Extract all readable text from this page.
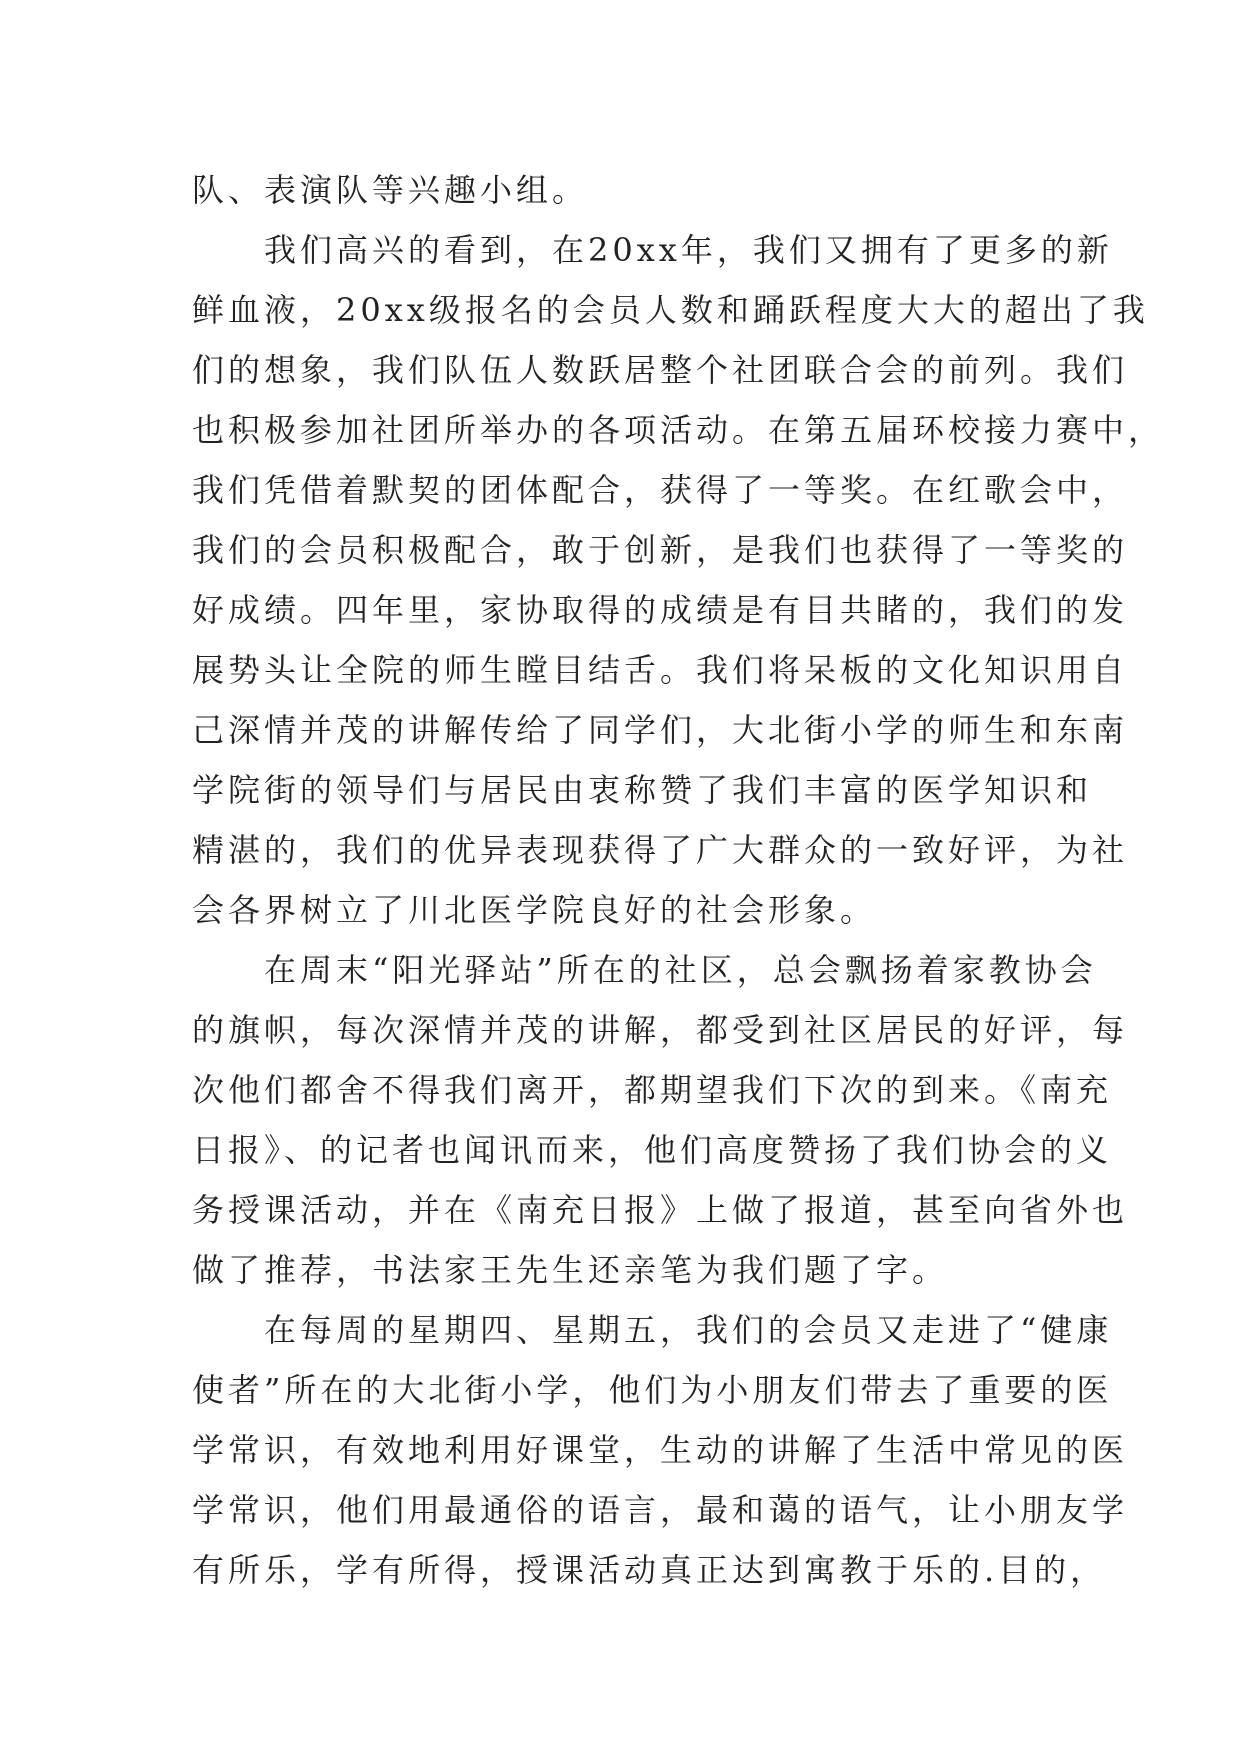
队、表演队等兴趣小组。
　　我们高兴的看到，在20xx年，我们又拥有了更多的新
鲜血液，20xx级报名的会员人数和踊跃程度大大的超出了我
们的想象，我们队伍人数跃居整个社团联合会的前列。我们
也积极参加社团所举办的各项活动。在第五届环校接力赛中，
我们凭借着默契的团体配合，获得了一等奖。在红歌会中，
我们的会员积极配合，敢于创新，是我们也获得了一等奖的
好成绩。四年里，家协取得的成绩是有目共睹的，我们的发
展势头让全院的师生瞠目结舌。我们将呆板的文化知识用自
己深情并茂的讲解传给了同学们，大北街小学的师生和东南
学院街的领导们与居民由衷称赞了我们丰富的医学知识和
精湛的，我们的优异表现获得了广大群众的一致好评，为社
会各界树立了川北医学院良好的社会形象。
　　在周末“阳光驿站”所在的社区，总会飘扬着家教协会
的旗帜，每次深情并茂的讲解，都受到社区居民的好评，每
次他们都舍不得我们离开，都期望我们下次的到来。《南充
日报》、的记者也闻讯而来，他们高度赞扬了我们协会的义
务授课活动，并在《南充日报》上做了报道，甚至向省外也
做了推荐，书法家王先生还亲笔为我们题了字。
　　在每周的星期四、星期五，我们的会员又走进了“健康
使者”所在的大北街小学，他们为小朋友们带去了重要的医
学常识，有效地利用好课堂，生动的讲解了生活中常见的医
学常识，他们用最通俗的语言，最和蔼的语气，让小朋友学
有所乐，学有所得，授课活动真正达到寓教于乐的.目的，
